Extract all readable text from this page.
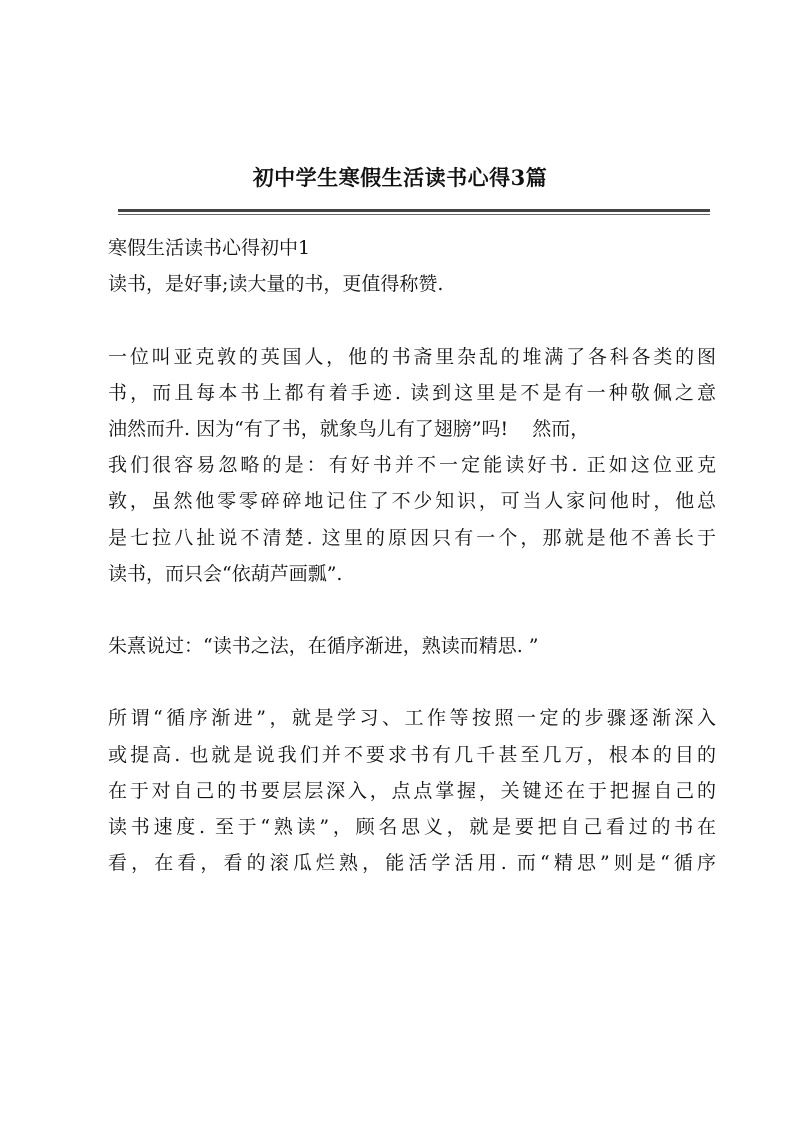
初中学生寒假生活读书心得3篇
寒假生活读书心得初中1
读书，是好事;读大量的书，更值得称赞.
一位叫亚克敦的英国人，他的书斋里杂乱的堆满了各科各类的图
书，而且每本书上都有着手迹. 读到这里是不是有一种敬佩之意
油然而升. 因为“有了书，就象鸟儿有了翅膀”吗!    然而，
我们很容易忽略的是：有好书并不一定能读好书. 正如这位亚克
敦，虽然他零零碎碎地记住了不少知识，可当人家问他时，他总
是七拉八扯说不清楚. 这里的原因只有一个，那就是他不善长于
读书，而只会“依葫芦画瓢”.
朱熹说过：“读书之法，在循序渐进，熟读而精思. ”
所谓“循序渐进”，就是学习、工作等按照一定的步骤逐渐深入
或提高. 也就是说我们并不要求书有几千甚至几万，根本的目的
在于对自己的书要层层深入，点点掌握，关键还在于把握自己的
读书速度. 至于“熟读”，顾名思义，就是要把自己看过的书在
看，在看，看的滚瓜烂熟，能活学活用. 而“精思”则是“循序
